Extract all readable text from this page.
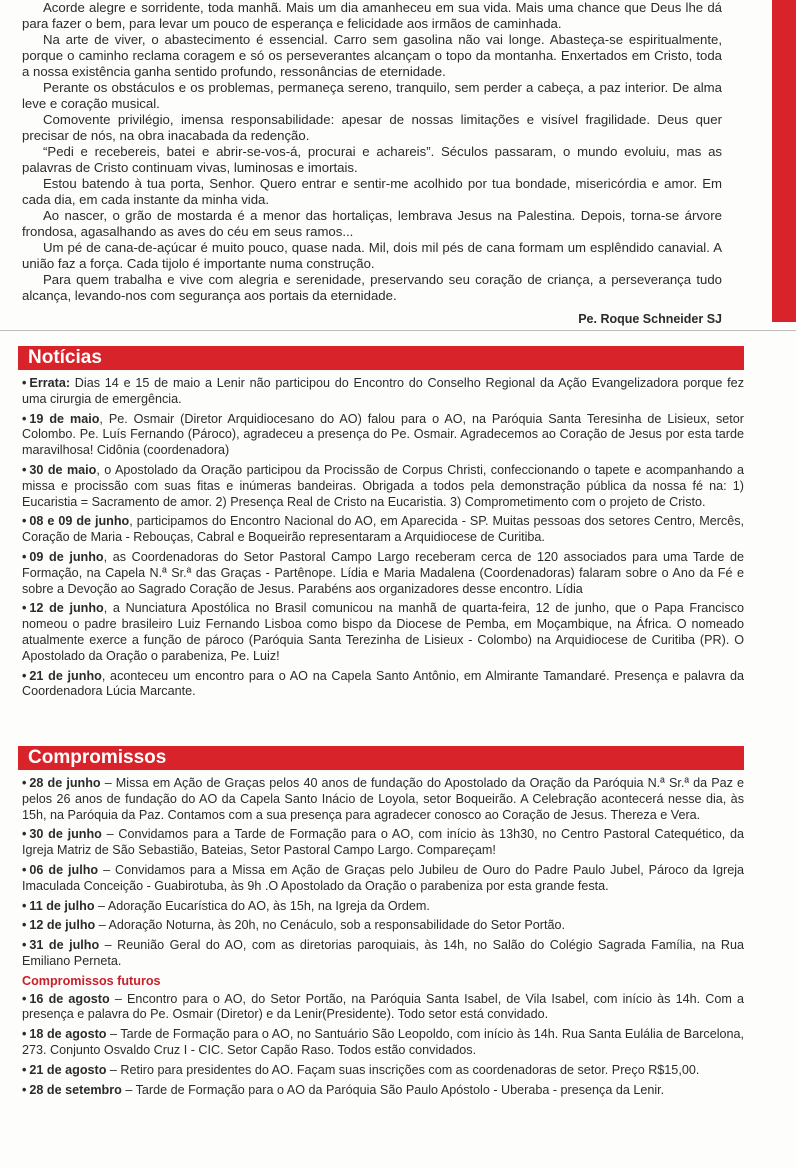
Acorde alegre e sorridente, toda manhã. Mais um dia amanheceu em sua vida. Mais uma chance que Deus lhe dá para fazer o bem, para levar um pouco de esperança e felicidade aos irmãos de caminhada.

Na arte de viver, o abastecimento é essencial. Carro sem gasolina não vai longe. Abasteça-se espiritualmente, porque o caminho reclama coragem e só os perseverantes alcançam o topo da montanha. Enxertados em Cristo, toda a nossa existência ganha sentido profundo, ressonâncias de eternidade.

Perante os obstáculos e os problemas, permaneça sereno, tranquilo, sem perder a cabeça, a paz interior. De alma leve e coração musical.

Comovente privilégio, imensa responsabilidade: apesar de nossas limitações e visível fragilidade. Deus quer precisar de nós, na obra inacabada da redenção.

“Pedi e recebereis, batei e abrir-se-vos-á, procurai e achareis”. Séculos passaram, o mundo evoluiu, mas as palavras de Cristo continuam vivas, luminosas e imortais.

Estou batendo à tua porta, Senhor. Quero entrar e sentir-me acolhido por tua bondade, misericórdia e amor. Em cada dia, em cada instante da minha vida.

Ao nascer, o grão de mostarda é a menor das hortaliças, lembrava Jesus na Palestina. Depois, torna-se árvore frondosa, agasalhando as aves do céu em seus ramos...

Um pé de cana-de-açúcar é muito pouco, quase nada. Mil, dois mil pés de cana formam um esplêndido canavial. A união faz a força. Cada tijolo é importante numa construção.

Para quem trabalha e vive com alegria e serenidade, preservando seu coração de criança, a perseverança tudo alcança, levando-nos com segurança aos portais da eternidade.

Pe. Roque Schneider SJ
Notícias
• Errata: Dias 14 e 15 de maio a Lenir não participou do Encontro do Conselho Regional da Ação Evangelizadora porque fez uma cirurgia de emergência.
• 19 de maio, Pe. Osmair (Diretor Arquidiocesano do AO) falou para o AO, na Paróquia Santa Teresinha de Lisieux, setor Colombo. Pe. Luís Fernando (Pároco), agradeceu a presença do Pe. Osmair. Agradecemos ao Coração de Jesus por esta tarde maravilhosa! Cidônia (coordenadora)
• 30 de maio, o Apostolado da Oração participou da Procissão de Corpus Christi, confeccionando o tapete e acompanhando a missa e procissão com suas fitas e inúmeras bandeiras. Obrigada a todos pela demonstração pública da nossa fé na: 1) Eucaristia = Sacramento de amor. 2) Presença Real de Cristo na Eucaristia. 3) Comprometimento com o projeto de Cristo.
• 08 e 09 de junho, participamos do Encontro Nacional do AO, em Aparecida - SP. Muitas pessoas dos setores Centro, Mercês, Coração de Maria - Rebouças, Cabral e Boqueirão representaram a Arquidiocese de Curitiba.
• 09 de junho, as Coordenadoras do Setor Pastoral Campo Largo receberam cerca de 120 associados para uma Tarde de Formação, na Capela N.ª Sr.ª das Graças - Partênope. Lídia e Maria Madalena (Coordenadoras) falaram sobre o Ano da Fé e sobre a Devoção ao Sagrado Coração de Jesus. Parabéns aos organizadores desse encontro. Lídia
• 12 de junho, a Nunciatura Apostólica no Brasil comunicou na manhã de quarta-feira, 12 de junho, que o Papa Francisco nomeou o padre brasileiro Luiz Fernando Lisboa como bispo da Diocese de Pemba, em Moçambique, na África. O nomeado atualmente exerce a função de pároco (Paróquia Santa Terezinha de Lisieux - Colombo) na Arquidiocese de Curitiba (PR). O Apostolado da Oração o parabeniza, Pe. Luiz!
• 21 de junho, aconteceu um encontro para o AO na Capela Santo Antônio, em Almirante Tamandaré. Presença e palavra da Coordenadora Lúcia Marcante.
Compromissos
• 28 de junho – Missa em Ação de Graças pelos 40 anos de fundação do Apostolado da Oração da Paróquia N.ª Sr.ª da Paz e pelos 26 anos de fundação do AO da Capela Santo Inácio de Loyola, setor Boqueirão. A Celebração acontecerá nesse dia, às 15h, na Paróquia da Paz. Contamos com a sua presença para agradecer conosco ao Coração de Jesus. Thereza e Vera.
• 30 de junho – Convidamos para a Tarde de Formação para o AO, com início às 13h30, no Centro Pastoral Catequético, da Igreja Matriz de São Sebastião, Bateias, Setor Pastoral Campo Largo. Compareçam!
• 06 de julho – Convidamos para a Missa em Ação de Graças pelo Jubileu de Ouro do Padre Paulo Jubel, Pároco da Igreja Imaculada Conceição - Guabirotuba, às 9h .O Apostolado da Oração o parabeniza por esta grande festa.
• 11 de julho – Adoração Eucarística do AO, às 15h, na Igreja da Ordem.
• 12 de julho – Adoração Noturna, às 20h, no Cenáculo, sob a responsabilidade do Setor Portão.
• 31 de julho – Reunião Geral do AO, com as diretorias paroquiais, às 14h, no Salão do Colégio Sagrada Família, na Rua Emiliano Perneta.
Compromissos futuros
• 16 de agosto – Encontro para o AO, do Setor Portão, na Paróquia Santa Isabel, de Vila Isabel, com início às 14h. Com a presença e palavra do Pe. Osmair (Diretor) e da Lenir(Presidente). Todo setor está convidado.
• 18 de agosto – Tarde de Formação para o AO, no Santuário São Leopoldo, com início às 14h. Rua Santa Eulália de Barcelona, 273. Conjunto Osvaldo Cruz I - CIC. Setor Capão Raso. Todos estão convidados.
• 21 de agosto – Retiro para presidentes do AO. Façam suas inscrições com as coordenadoras de setor. Preço R$15,00.
• 28 de setembro – Tarde de Formação para o AO da Paróquia São Paulo Apóstolo - Uberaba - presença da Lenir.
